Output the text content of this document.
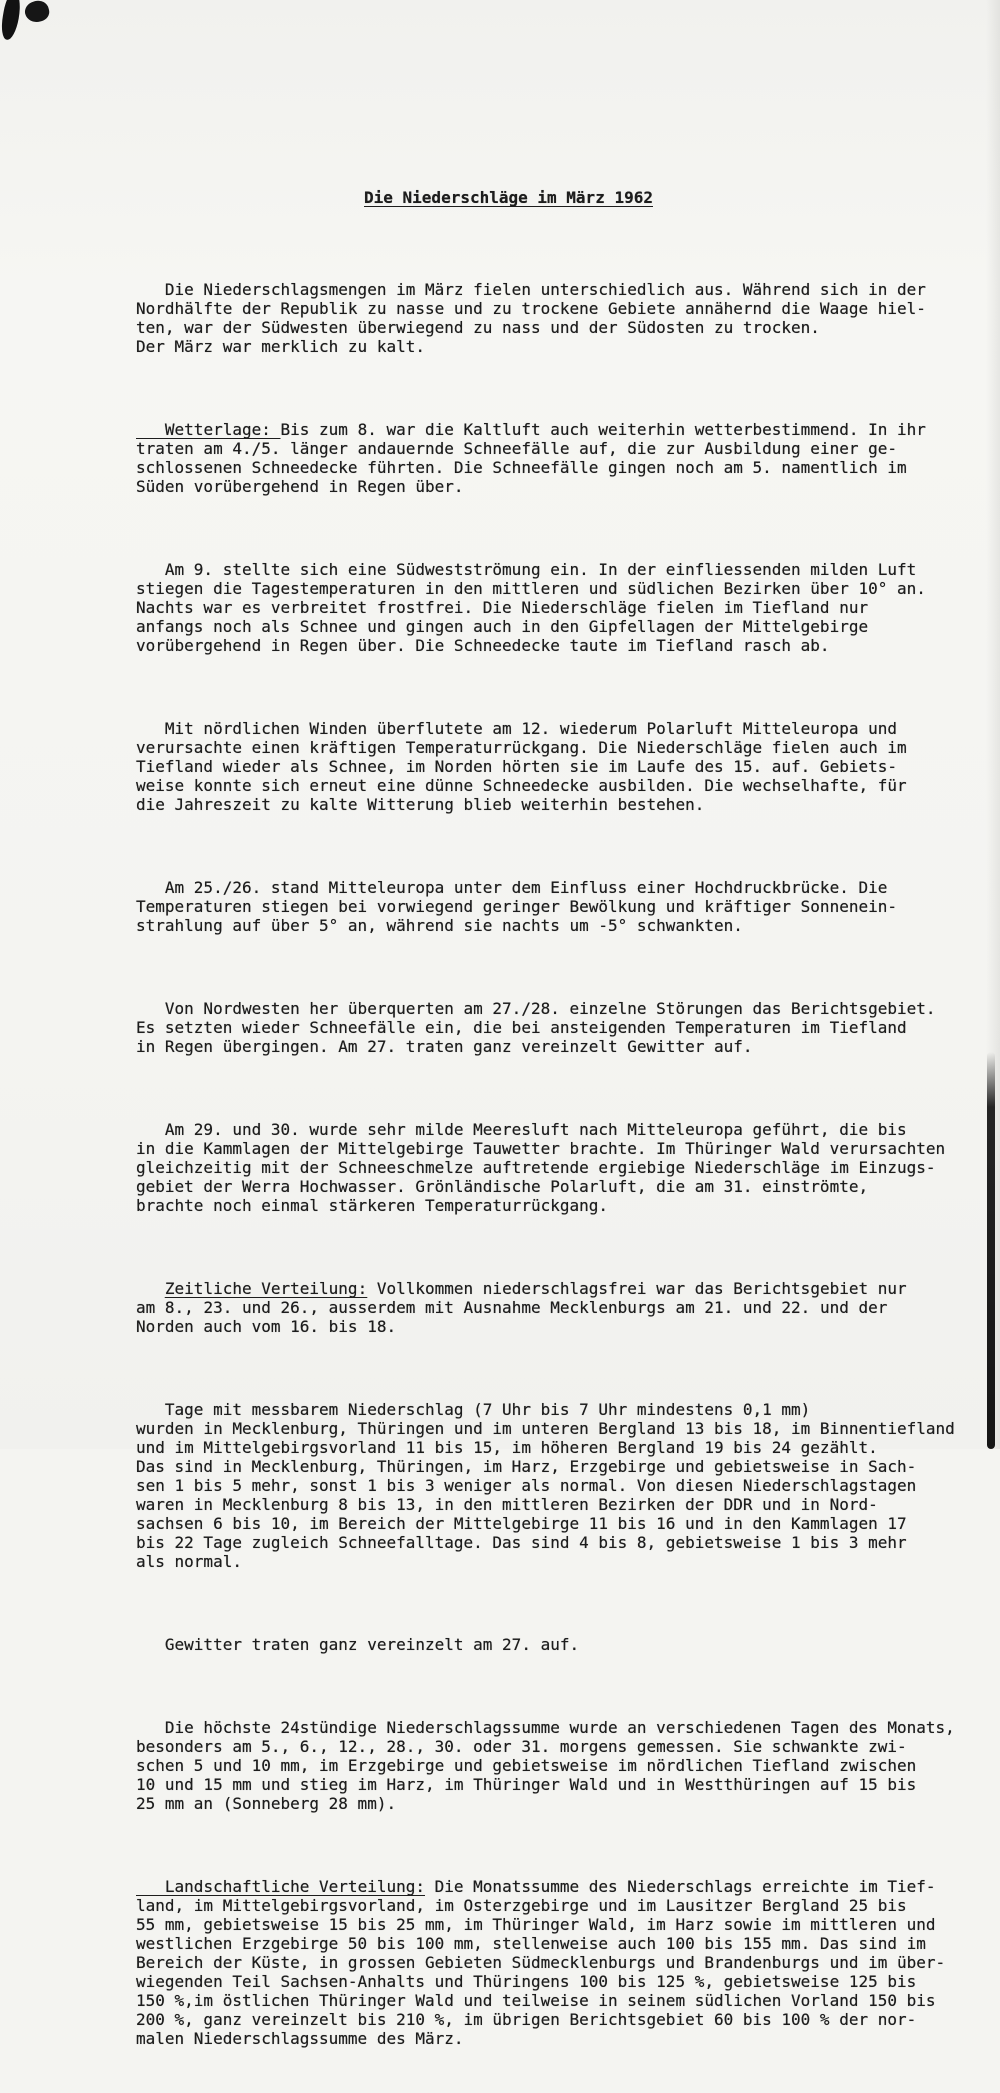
Die Niederschläge im März 1962

Die Niederschlagsmengen im März fielen unterschiedlich aus. Während sich in der
Nordhälfte der Republik zu nasse und zu trockene Gebiete annähernd die Waage hiel-
ten, war der Südwesten überwiegend zu nass und der Südosten zu trocken.
Der März war merklich zu kalt.

Wetterlage: Bis zum 8. war die Kaltluft auch weiterhin wetterbestimmend. In ihr
traten am 4./5. länger andauernde Schneefälle auf, die zur Ausbildung einer ge-
schlossenen Schneedecke führten. Die Schneefälle gingen noch am 5. namentlich im
Süden vorübergehend in Regen über.

Am 9. stellte sich eine Südwestströmung ein. In der einfliessenden milden Luft
stiegen die Tagestemperaturen in den mittleren und südlichen Bezirken über 10° an.
Nachts war es verbreitet frostfrei. Die Niederschläge fielen im Tiefland nur
anfangs noch als Schnee und gingen auch in den Gipfellagen der Mittelgebirge
vorübergehend in Regen über. Die Schneedecke taute im Tiefland rasch ab.

Mit nördlichen Winden überflutete am 12. wiederum Polarluft Mitteleuropa und
verursachte einen kräftigen Temperaturrückgang. Die Niederschläge fielen auch im
Tiefland wieder als Schnee, im Norden hörten sie im Laufe des 15. auf. Gebiets-
weise konnte sich erneut eine dünne Schneedecke ausbilden. Die wechselhafte, für
die Jahreszeit zu kalte Witterung blieb weiterhin bestehen.

Am 25./26. stand Mitteleuropa unter dem Einfluss einer Hochdruckbrücke. Die
Temperaturen stiegen bei vorwiegend geringer Bewölkung und kräftiger Sonnenein-
strahlung auf über 5° an, während sie nachts um -5° schwankten.

Von Nordwesten her überquerten am 27./28. einzelne Störungen das Berichtsgebiet.
Es setzten wieder Schneefälle ein, die bei ansteigenden Temperaturen im Tiefland
in Regen übergingen. Am 27. traten ganz vereinzelt Gewitter auf.

Am 29. und 30. wurde sehr milde Meeresluft nach Mitteleuropa geführt, die bis
in die Kammlagen der Mittelgebirge Tauwetter brachte. Im Thüringer Wald verursachten
gleichzeitig mit der Schneeschmelze auftretende ergiebige Niederschläge im Einzugs-
gebiet der Werra Hochwasser. Grönländische Polarluft, die am 31. einströmte,
brachte noch einmal stärkeren Temperaturrückgang.

Zeitliche Verteilung: Vollkommen niederschlagsfrei war das Berichtsgebiet nur
am 8., 23. und 26., ausserdem mit Ausnahme Mecklenburgs am 21. und 22. und der
Norden auch vom 16. bis 18.

Tage mit messbarem Niederschlag (7 Uhr bis 7 Uhr mindestens 0,1 mm)
wurden in Mecklenburg, Thüringen und im unteren Bergland 13 bis 18, im Binnentiefland
und im Mittelgebirgsvorland 11 bis 15, im höheren Bergland 19 bis 24 gezählt.
Das sind in Mecklenburg, Thüringen, im Harz, Erzgebirge und gebietsweise in Sach-
sen 1 bis 5 mehr, sonst 1 bis 3 weniger als normal. Von diesen Niederschlagstagen
waren in Mecklenburg 8 bis 13, in den mittleren Bezirken der DDR und in Nord-
sachsen 6 bis 10, im Bereich der Mittelgebirge 11 bis 16 und in den Kammlagen 17
bis 22 Tage zugleich Schneefalltage. Das sind 4 bis 8, gebietsweise 1 bis 3 mehr
als normal.

Gewitter traten ganz vereinzelt am 27. auf.

Die höchste 24stündige Niederschlagssumme wurde an verschiedenen Tagen des Monats,
besonders am 5., 6., 12., 28., 30. oder 31. morgens gemessen. Sie schwankte zwi-
schen 5 und 10 mm, im Erzgebirge und gebietsweise im nördlichen Tiefland zwischen
10 und 15 mm und stieg im Harz, im Thüringer Wald und in Westthüringen auf 15 bis
25 mm an (Sonneberg 28 mm).

Landschaftliche Verteilung: Die Monatssumme des Niederschlags erreichte im Tief-
land, im Mittelgebirgsvorland, im Osterzgebirge und im Lausitzer Bergland 25 bis
55 mm, gebietsweise 15 bis 25 mm, im Thüringer Wald, im Harz sowie im mittleren und
westlichen Erzgebirge 50 bis 100 mm, stellenweise auch 100 bis 155 mm. Das sind im
Bereich der Küste, in grossen Gebieten Südmecklenburgs und Brandenburgs und im über-
wiegenden Teil Sachsen-Anhalts und Thüringens 100 bis 125 %, gebietsweise 125 bis
150 %,im östlichen Thüringer Wald und teilweise in seinem südlichen Vorland 150 bis
200 %, ganz vereinzelt bis 210 %, im übrigen Berichtsgebiet 60 bis 100 % der nor-
malen Niederschlagssumme des März.
